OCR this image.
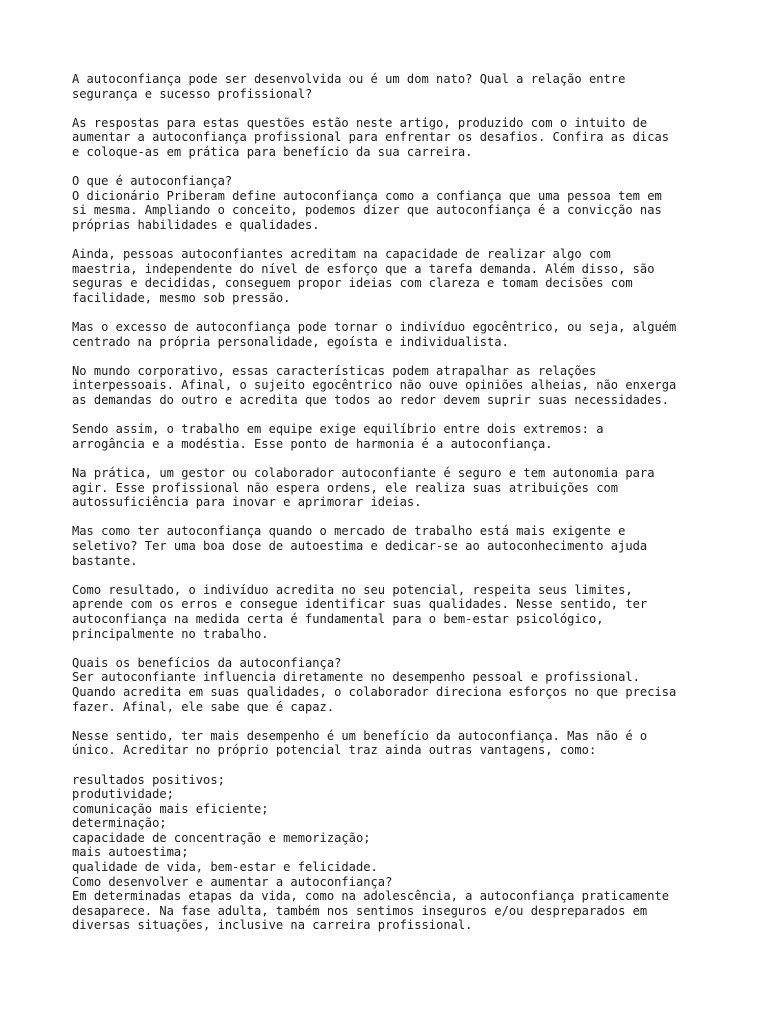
A autoconfiança pode ser desenvolvida ou é um dom nato? Qual a relação entre
segurança e sucesso profissional?
As respostas para estas questões estão neste artigo, produzido com o intuito de
aumentar a autoconfiança profissional para enfrentar os desafios. Confira as dicas
e coloque-as em prática para benefício da sua carreira.
O que é autoconfiança?
O dicionário Priberam define autoconfiança como a confiança que uma pessoa tem em
si mesma. Ampliando o conceito, podemos dizer que autoconfiança é a convicção nas
próprias habilidades e qualidades.
Ainda, pessoas autoconfiantes acreditam na capacidade de realizar algo com
maestria, independente do nível de esforço que a tarefa demanda. Além disso, são
seguras e decididas, conseguem propor ideias com clareza e tomam decisões com
facilidade, mesmo sob pressão.
Mas o excesso de autoconfiança pode tornar o indivíduo egocêntrico, ou seja, alguém
centrado na própria personalidade, egoísta e individualista.
No mundo corporativo, essas características podem atrapalhar as relações
interpessoais. Afinal, o sujeito egocêntrico não ouve opiniões alheias, não enxerga
as demandas do outro e acredita que todos ao redor devem suprir suas necessidades.
Sendo assim, o trabalho em equipe exige equilíbrio entre dois extremos: a
arrogância e a modéstia. Esse ponto de harmonia é a autoconfiança.
Na prática, um gestor ou colaborador autoconfiante é seguro e tem autonomia para
agir. Esse profissional não espera ordens, ele realiza suas atribuições com
autossuficiência para inovar e aprimorar ideias.
Mas como ter autoconfiança quando o mercado de trabalho está mais exigente e
seletivo? Ter uma boa dose de autoestima e dedicar-se ao autoconhecimento ajuda
bastante.
Como resultado, o indivíduo acredita no seu potencial, respeita seus limites,
aprende com os erros e consegue identificar suas qualidades. Nesse sentido, ter
autoconfiança na medida certa é fundamental para o bem-estar psicológico,
principalmente no trabalho.
Quais os benefícios da autoconfiança?
Ser autoconfiante influencia diretamente no desempenho pessoal e profissional.
Quando acredita em suas qualidades, o colaborador direciona esforços no que precisa
fazer. Afinal, ele sabe que é capaz.
Nesse sentido, ter mais desempenho é um benefício da autoconfiança. Mas não é o
único. Acreditar no próprio potencial traz ainda outras vantagens, como:
resultados positivos;
produtividade;
comunicação mais eficiente;
determinação;
capacidade de concentração e memorização;
mais autoestima;
qualidade de vida, bem-estar e felicidade.
Como desenvolver e aumentar a autoconfiança?
Em determinadas etapas da vida, como na adolescência, a autoconfiança praticamente
desaparece. Na fase adulta, também nos sentimos inseguros e/ou despreparados em
diversas situações, inclusive na carreira profissional.
